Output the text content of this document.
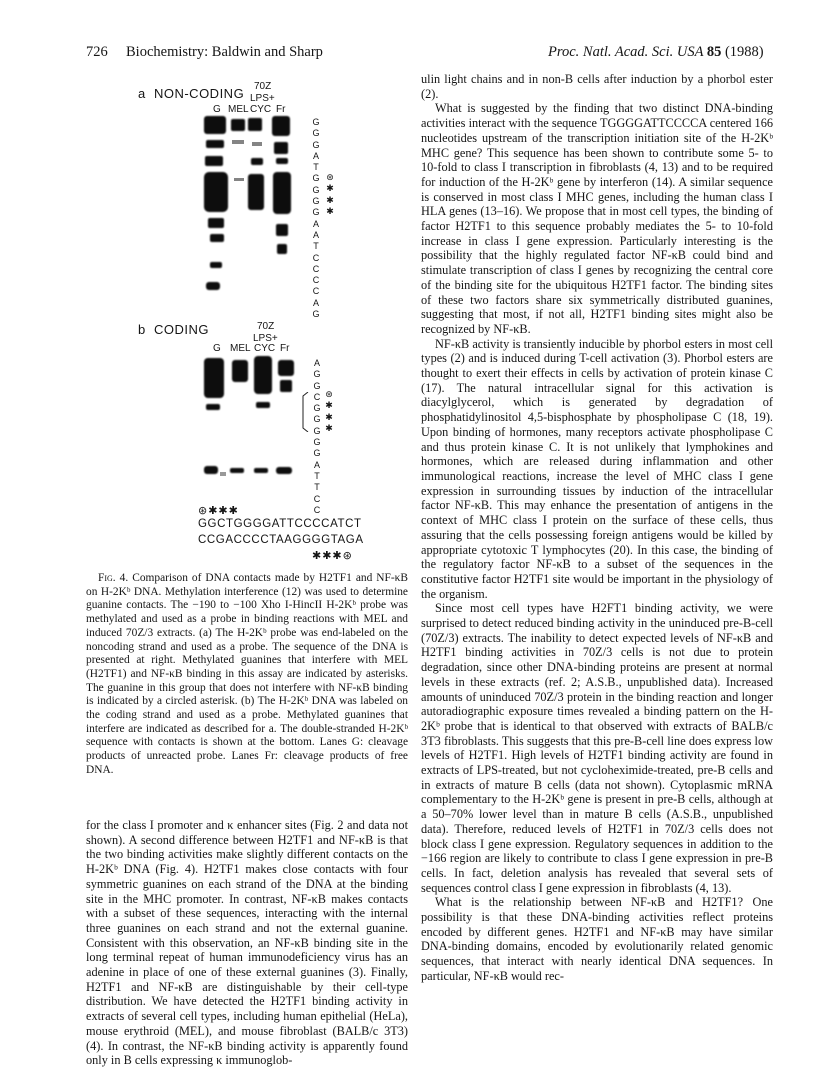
726 Biochemistry: Baldwin and Sharp	Proc. Natl. Acad. Sci. USA 85 (1988)
a NON-CODING 70Z
LPS+
G MEL CYC Fr
G
G
G
A
T
G
G
G
G
A
A
T
C
C
C
C
A
G
⊛
✱
✱
✱
b CODING	70Z
LPS+
G MEL CYC Fr
A
G
G
C
G
G
G
G
G
A
T
T
C
C
⊛
✱
✱
✱
⊛✱✱✱
GGCTGGGGATTCCCCATCT
CCGACCCCTAAGGGGTAGA
✱✱✱⊛

Fig. 4. Comparison of DNA contacts made by H2TF1 and NF-κB on H-2Kᵇ DNA. Methylation interference (12) was used to determine guanine contacts. The −190 to −100 Xho I-HincII H-2Kᵇ probe was methylated and used as a probe in binding reactions with MEL and induced 70Z/3 extracts. (a) The H-2Kᵇ probe was end-labeled on the noncoding strand and used as a probe. The sequence of the DNA is presented at right. Methylated guanines that interfere with MEL (H2TF1) and NF-κB binding in this assay are indicated by asterisks. The guanine in this group that does not interfere with NF-κB binding is indicated by a circled asterisk. (b) The H-2Kᵇ DNA was labeled on the coding strand and used as a probe. Methylated guanines that interfere are indicated as described for a. The double-stranded H-2Kᵇ sequence with contacts is shown at the bottom. Lanes G: cleavage products of unreacted probe. Lanes Fr: cleavage products of free DNA.

for the class I promoter and κ enhancer sites (Fig. 2 and data not shown). A second difference between H2TF1 and NF-κB is that the two binding activities make slightly different contacts on the H-2Kᵇ DNA (Fig. 4). H2TF1 makes close contacts with four symmetric guanines on each strand of the DNA at the binding site in the MHC promoter. In contrast, NF-κB makes contacts with a subset of these sequences, interacting with the internal three guanines on each strand and not the external guanine. Consistent with this observation, an NF-κB binding site in the long terminal repeat of human immunodeficiency virus has an adenine in place of one of these external guanines (3). Finally, H2TF1 and NF-κB are distinguishable by their cell-type distribution. We have detected the H2TF1 binding activity in extracts of several cell types, including human epithelial (HeLa), mouse erythroid (MEL), and mouse fibroblast (BALB/c 3T3) (4). In contrast, the NF-κB binding activity is apparently found only in B cells expressing κ immunoglob-

ulin light chains and in non-B cells after induction by a phorbol ester (2).

What is suggested by the finding that two distinct DNA-binding activities interact with the sequence TGGGGATTCCCCA centered 166 nucleotides upstream of the transcription initiation site of the H-2Kᵇ MHC gene? This sequence has been shown to contribute some 5- to 10-fold to class I transcription in fibroblasts (4, 13) and to be required for induction of the H-2Kᵇ gene by interferon (14). A similar sequence is conserved in most class I MHC genes, including the human class I HLA genes (13–16). We propose that in most cell types, the binding of factor H2TF1 to this sequence probably mediates the 5- to 10-fold increase in class I gene expression. Particularly interesting is the possibility that the highly regulated factor NF-κB could bind and stimulate transcription of class I genes by recognizing the central core of the binding site for the ubiquitous H2TF1 factor. The binding sites of these two factors share six symmetrically distributed guanines, suggesting that most, if not all, H2TF1 binding sites might also be recognized by NF-κB.

NF-κB activity is transiently inducible by phorbol esters in most cell types (2) and is induced during T-cell activation (3). Phorbol esters are thought to exert their effects in cells by activation of protein kinase C (17). The natural intracellular signal for this activation is diacylglycerol, which is generated by degradation of phosphatidylinositol 4,5-bisphosphate by phospholipase C (18, 19). Upon binding of hormones, many receptors activate phospholipase C and thus protein kinase C. It is not unlikely that lymphokines and hormones, which are released during inflammation and other immunological reactions, increase the level of MHC class I gene expression in surrounding tissues by induction of the intracellular factor NF-κB. This may enhance the presentation of antigens in the context of MHC class I protein on the surface of these cells, thus assuring that the cells possessing foreign antigens would be killed by appropriate cytotoxic T lymphocytes (20). In this case, the binding of the regulatory factor NF-κB to a subset of the sequences in the constitutive factor H2TF1 site would be important in the physiology of the organism.

Since most cell types have H2FT1 binding activity, we were surprised to detect reduced binding activity in the uninduced pre-B-cell (70Z/3) extracts. The inability to detect expected levels of NF-κB and H2TF1 binding activities in 70Z/3 cells is not due to protein degradation, since other DNA-binding proteins are present at normal levels in these extracts (ref. 2; A.S.B., unpublished data). Increased amounts of uninduced 70Z/3 protein in the binding reaction and longer autoradiographic exposure times revealed a binding pattern on the H-2Kᵇ probe that is identical to that observed with extracts of BALB/c 3T3 fibroblasts. This suggests that this pre-B-cell line does express low levels of H2TF1. High levels of H2TF1 binding activity are found in extracts of LPS-treated, but not cycloheximide-treated, pre-B cells and in extracts of mature B cells (data not shown). Cytoplasmic mRNA complementary to the H-2Kᵇ gene is present in pre-B cells, although at a 50–70% lower level than in mature B cells (A.S.B., unpublished data). Therefore, reduced levels of H2TF1 in 70Z/3 cells does not block class I gene expression. Regulatory sequences in addition to the −166 region are likely to contribute to class I gene expression in pre-B cells. In fact, deletion analysis has revealed that several sets of sequences control class I gene expression in fibroblasts (4, 13).

What is the relationship between NF-κB and H2TF1? One possibility is that these DNA-binding activities reflect proteins encoded by different genes. H2TF1 and NF-κB may have similar DNA-binding domains, encoded by evolutionarily related genomic sequences, that interact with nearly identical DNA sequences. In particular, NF-κB would rec-
